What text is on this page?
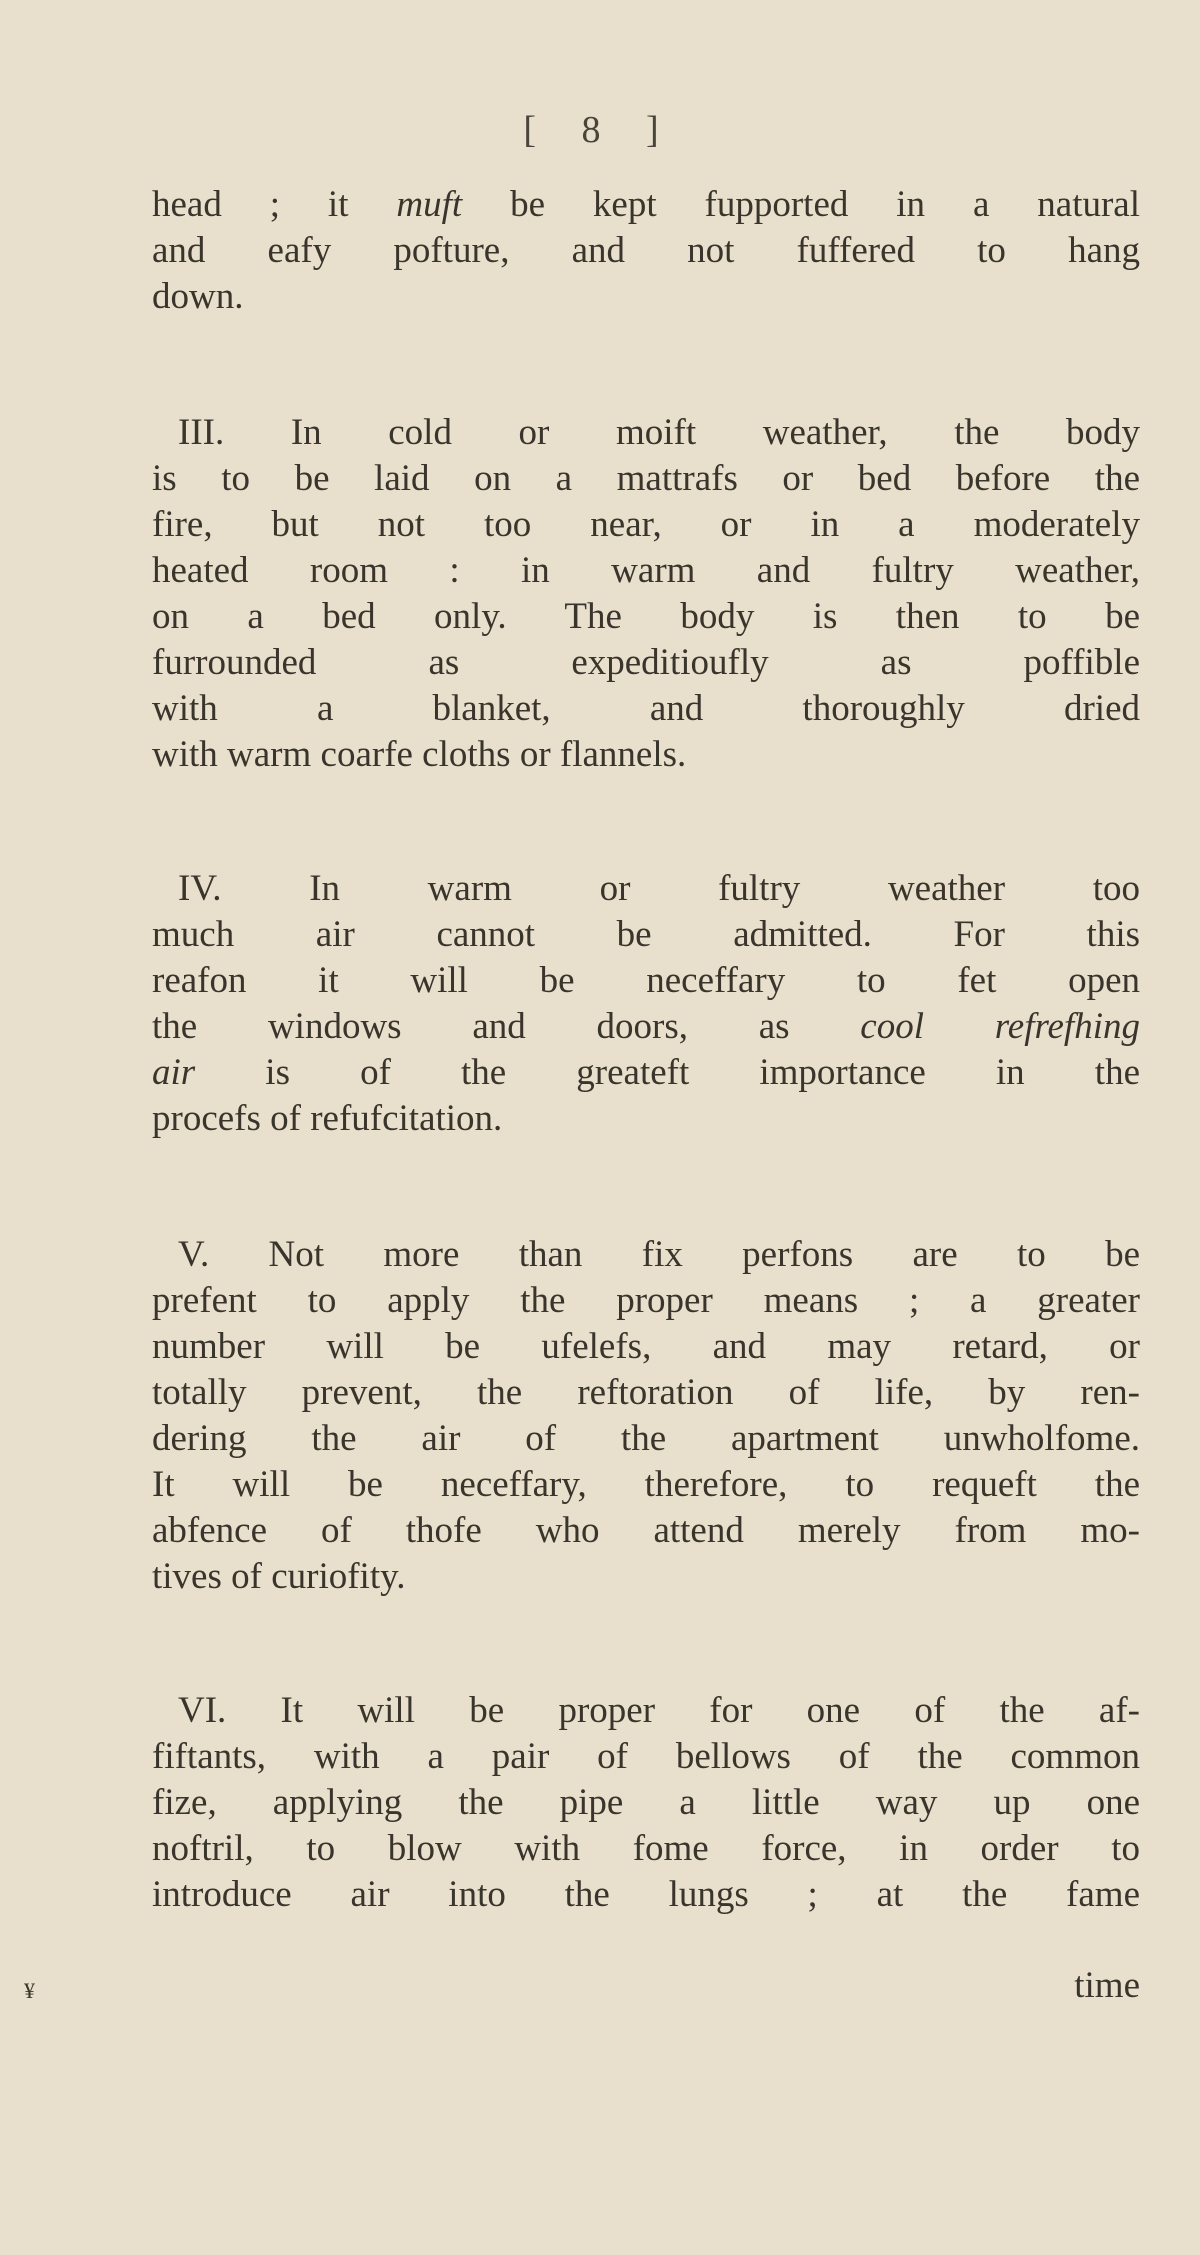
[ 8 ]
head ; it muft be kept fupported in a natural
and eafy pofture, and not fuffered to hang
down.
III. In cold or moift weather, the body
is to be laid on a mattrafs or bed before the
fire, but not too near, or in a moderately
heated room : in warm and fultry weather,
on a bed only. The body is then to be
furrounded as expeditioufly as poffible
with a blanket, and thoroughly dried
with warm coarfe cloths or flannels.
IV. In warm or fultry weather too
much air cannot be admitted. For this
reafon it will be neceffary to fet open
the windows and doors, as cool refrefhing
air is of the greateft importance in the
procefs of refufcitation.
V. Not more than fix perfons are to be
prefent to apply the proper means ; a greater
number will be ufelefs, and may retard, or
totally prevent, the reftoration of life, by ren-
dering the air of the apartment unwholfome.
It will be neceffary, therefore, to requeft the
abfence of thofe who attend merely from mo-
tives of curiofity.
VI. It will be proper for one of the af-
fiftants, with a pair of bellows of the common
fize, applying the pipe a little way up one
noftril, to blow with fome force, in order to
introduce air into the lungs ; at the fame
time
¥
